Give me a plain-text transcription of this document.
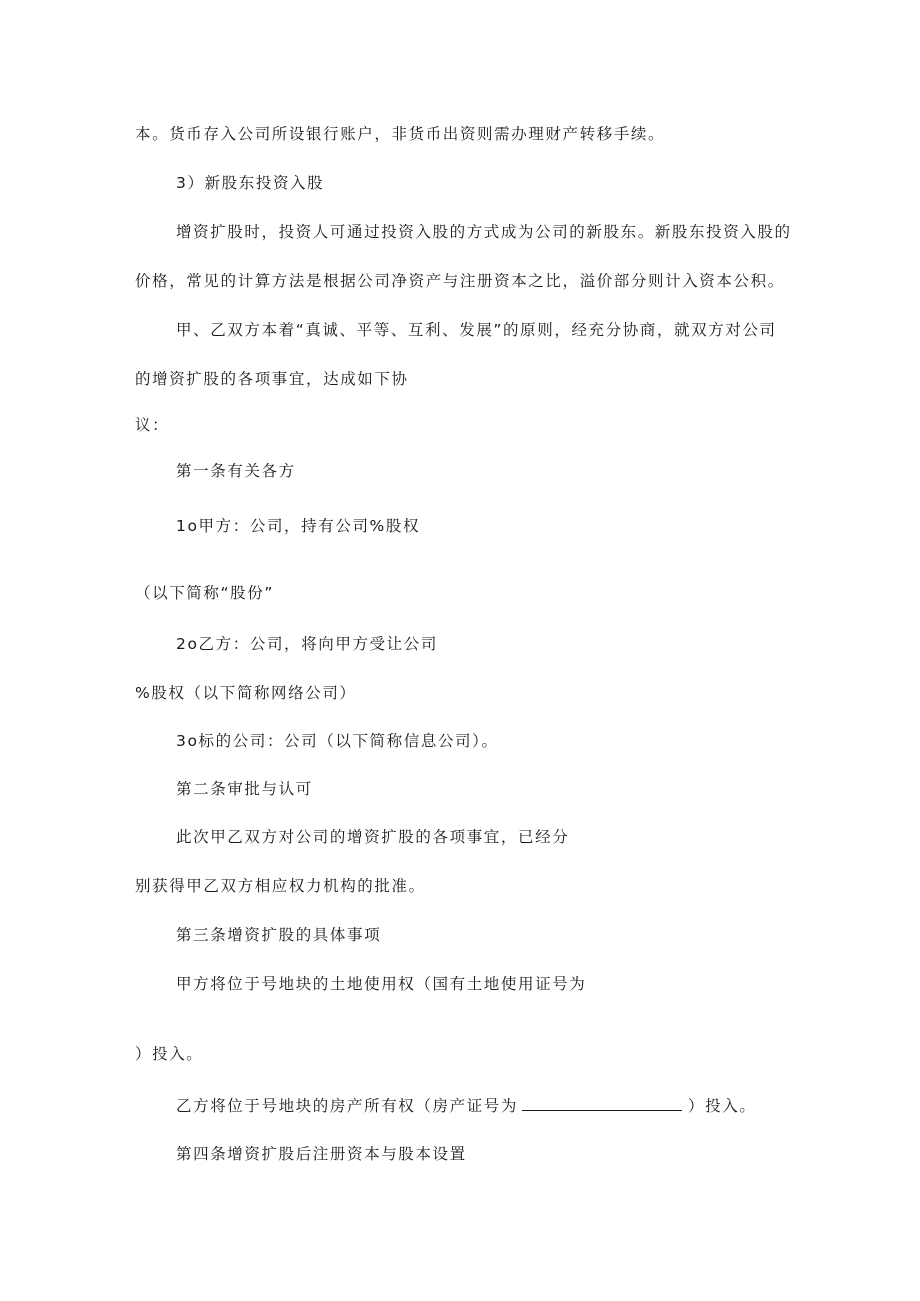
本。货币存入公司所设银行账户，非货币出资则需办理财产转移手续。
3）新股东投资入股
增资扩股时，投资人可通过投资入股的方式成为公司的新股东。新股东投资入股的
价格，常见的计算方法是根据公司净资产与注册资本之比，溢价部分则计入资本公积。
甲、乙双方本着“真诚、平等、互利、发展”的原则，经充分协商，就双方对公司
的增资扩股的各项事宜，达成如下协
议：
第一条有关各方
1o甲方：公司，持有公司%股权
（以下简称“股份”
2o乙方：公司，将向甲方受让公司
%股权（以下简称网络公司）
3o标的公司：公司（以下简称信息公司）。
第二条审批与认可
此次甲乙双方对公司的增资扩股的各项事宜，已经分
别获得甲乙双方相应权力机构的批准。
第三条增资扩股的具体事项
甲方将位于号地块的土地使用权（国有土地使用证号为
）投入。
乙方将位于号地块的房产所有权（房产证号为	）投入。
第四条增资扩股后注册资本与股本设置
